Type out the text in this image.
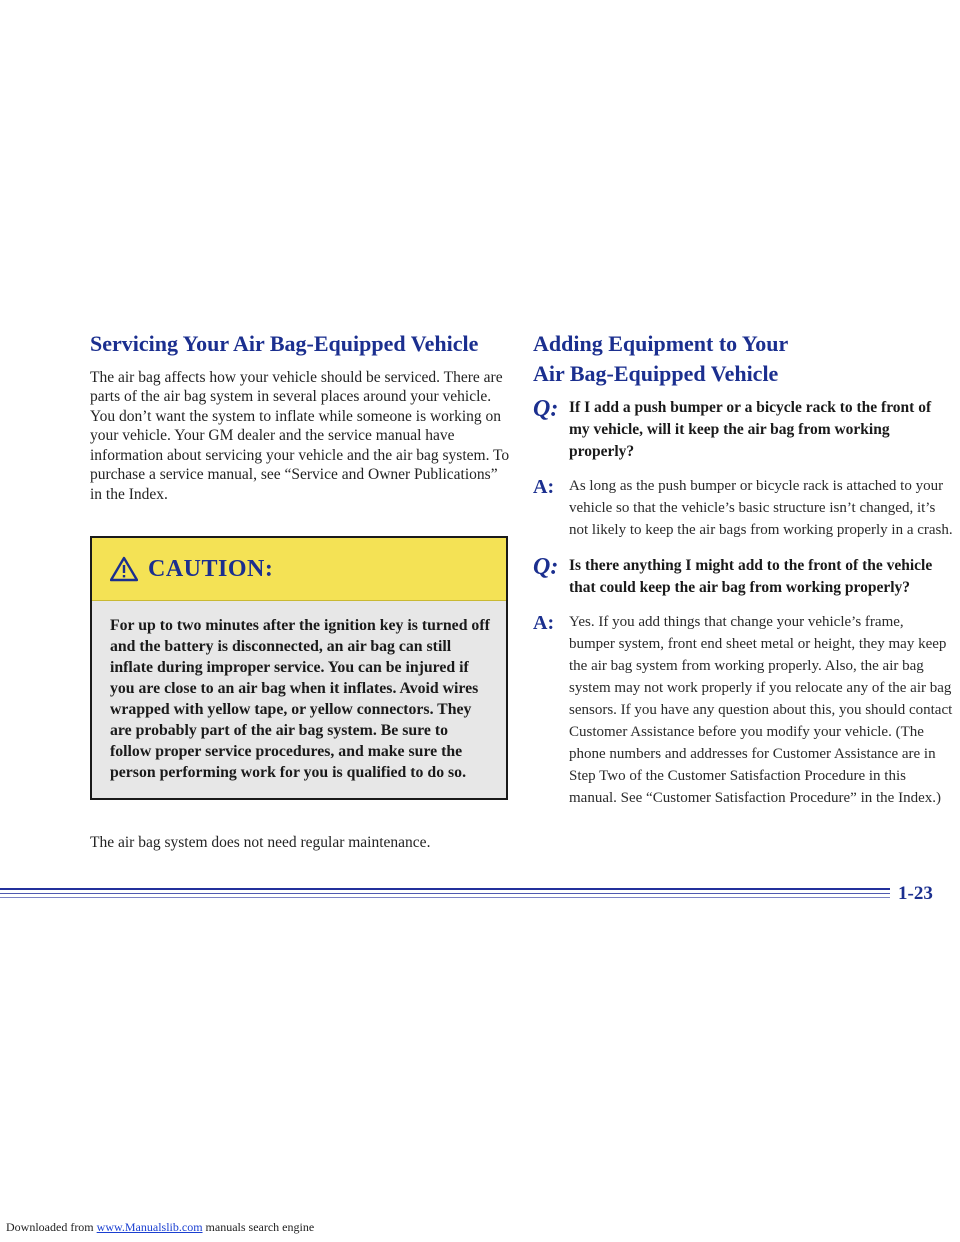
Servicing Your Air Bag-Equipped Vehicle

The air bag affects how your vehicle should be serviced. There are parts of the air bag system in several places around your vehicle. You don’t want the system to inflate while someone is working on your vehicle. Your GM dealer and the service manual have information about servicing your vehicle and the air bag system. To purchase a service manual, see “Service and Owner Publications” in the Index.

CAUTION:
For up to two minutes after the ignition key is turned off and the battery is disconnected, an air bag can still inflate during improper service. You can be injured if you are close to an air bag when it inflates. Avoid wires wrapped with yellow tape, or yellow connectors. They are probably part of the air bag system. Be sure to follow proper service procedures, and make sure the person performing work for you is qualified to do so.
The air bag system does not need regular maintenance.
Adding Equipment to Your
Air Bag-Equipped Vehicle
Q: If I add a push bumper or a bicycle rack to the front of my vehicle, will it keep the air bag from working properly?
A: As long as the push bumper or bicycle rack is attached to your vehicle so that the vehicle’s basic structure isn’t changed, it’s not likely to keep the air bags from working properly in a crash.
Q: Is there anything I might add to the front of the vehicle that could keep the air bag from working properly?
A: Yes. If you add things that change your vehicle’s frame, bumper system, front end sheet metal or height, they may keep the air bag system from working properly. Also, the air bag system may not work properly if you relocate any of the air bag sensors. If you have any question about this, you should contact Customer Assistance before you modify your vehicle. (The phone numbers and addresses for Customer Assistance are in Step Two of the Customer Satisfaction Procedure in this manual. See “Customer Satisfaction Procedure” in the Index.)
1-23
Downloaded from www.Manualslib.com manuals search engine
